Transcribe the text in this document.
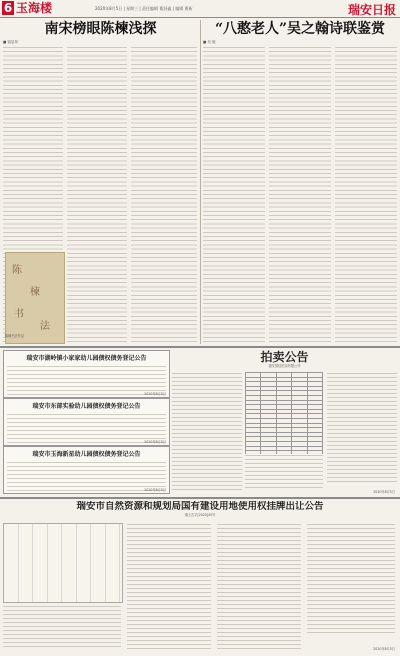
6 玉海楼	2020年8月5日 | 星期三 | 责任编辑 曹舒鑫 | 编辑 曹新	瑞安日报
南宋榜眼陈楝浅探
■ 钱辰邦
陈
楝
书
法
陈楝书法作品
“八憨老人”吴之翰诗联鉴赏
■ 吴 晓
瑞安市湖岭镇小家家幼儿园债权债务登记公告
2020年8月5日
瑞安市东部实验幼儿园债权债务登记公告
2020年8月5日
瑞安市玉海新星幼儿园债权债务登记公告
2020年8月5日
拍卖公告
瑞安国信拍卖有限公司

2020年8月5日
瑞安市自然资源和规划局国有建设用地使用权挂牌出让公告
瑞土告字[2020]45号
2020年8月5日
